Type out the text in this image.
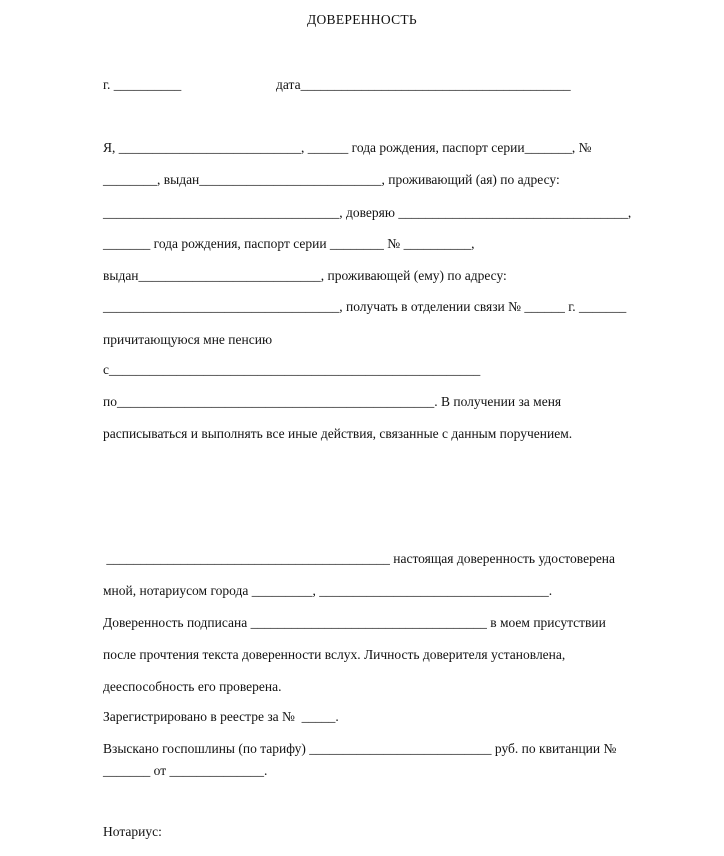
ДОВЕРЕННОСТЬ
г. __________	дата________________________________________
Я, ___________________________, ______ года рождения, паспорт серии_______, №
________, выдан___________________________, проживающий (ая) по адресу:
___________________________________, доверяю __________________________________,
_______ года рождения, паспорт серии ________ № __________,
выдан___________________________, проживающей (ему) по адресу:
___________________________________, получать в отделении связи № ______ г. _______
причитающуюся мне пенсию
с_______________________________________________________
по_______________________________________________. В получении за меня
расписываться и выполнять все иные действия, связанные с данным поручением.
__________________________________________ настоящая доверенность удостоверена
мной, нотариусом города _________, __________________________________.
Доверенность подписана ___________________________________ в моем присутствии
после прочтения текста доверенности вслух. Личность доверителя установлена,
дееспособность его проверена.
Зарегистрировано в реестре за №  _____.
Взыскано госпошлины (по тарифу) ___________________________ руб. по квитанции №
_______ от ______________.
Нотариус:
